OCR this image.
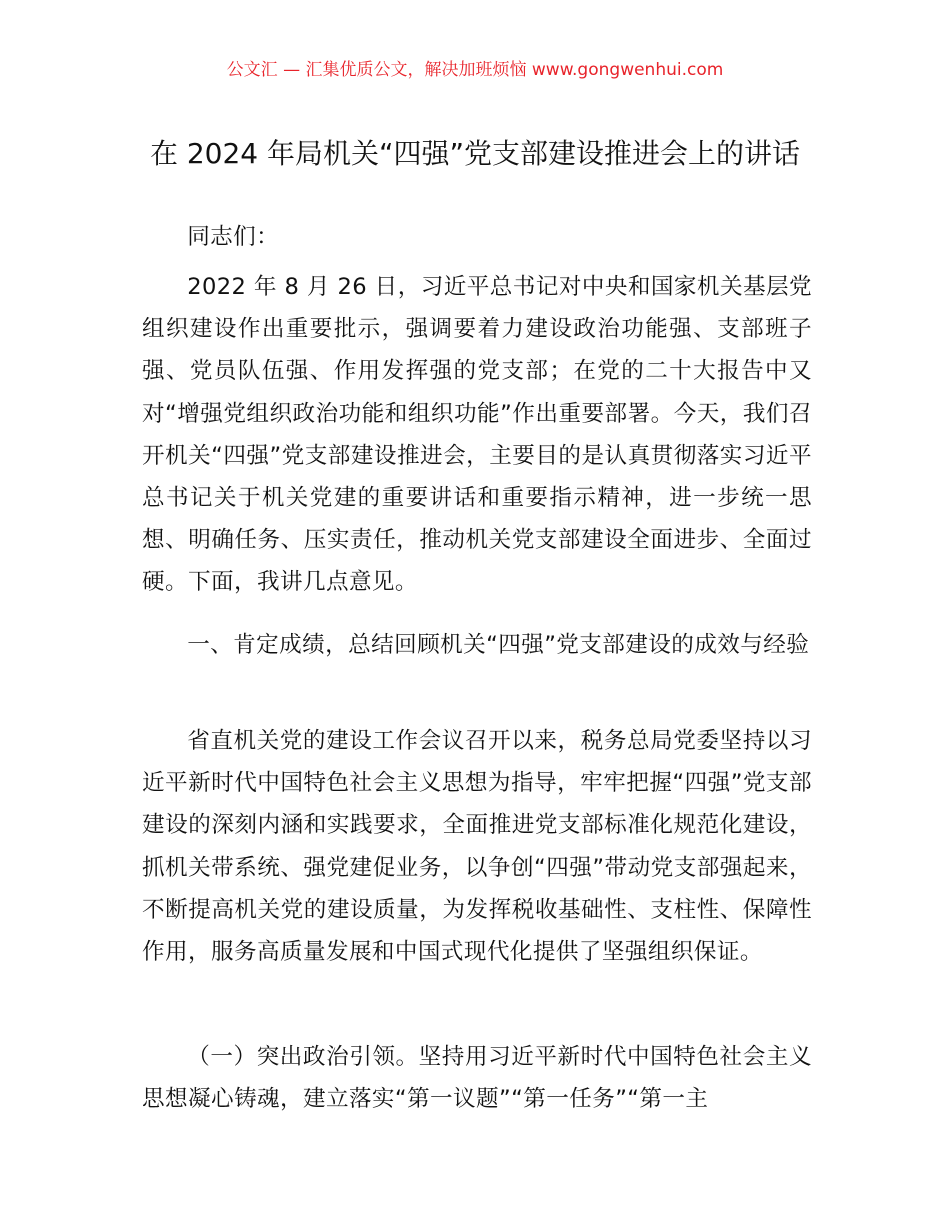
公文汇 — 汇集优质公文，解决加班烦恼 www.gongwenhui.com
在 2024 年局机关“四强”党支部建设推进会上的讲话

同志们：

2022 年 8 月 26 日，习近平总书记对中央和国家机关基层党组织建设作出重要批示，强调要着力建设政治功能强、支部班子强、党员队伍强、作用发挥强的党支部；在党的二十大报告中又对“增强党组织政治功能和组织功能”作出重要部署。今天，我们召开机关“四强”党支部建设推进会，主要目的是认真贯彻落实习近平总书记关于机关党建的重要讲话和重要指示精神，进一步统一思想、明确任务、压实责任，推动机关党支部建设全面进步、全面过硬。下面，我讲几点意见。

一、肯定成绩，总结回顾机关“四强”党支部建设的成效与经验

省直机关党的建设工作会议召开以来，税务总局党委坚持以习近平新时代中国特色社会主义思想为指导，牢牢把握“四强”党支部建设的深刻内涵和实践要求，全面推进党支部标准化规范化建设，抓机关带系统、强党建促业务，以争创“四强”带动党支部强起来，不断提高机关党的建设质量，为发挥税收基础性、支柱性、保障性作用，服务高质量发展和中国式现代化提供了坚强组织保证。

（一）突出政治引领。坚持用习近平新时代中国特色社会主义思想凝心铸魂，建立落实“第一议题”“第一任务”“第一主
